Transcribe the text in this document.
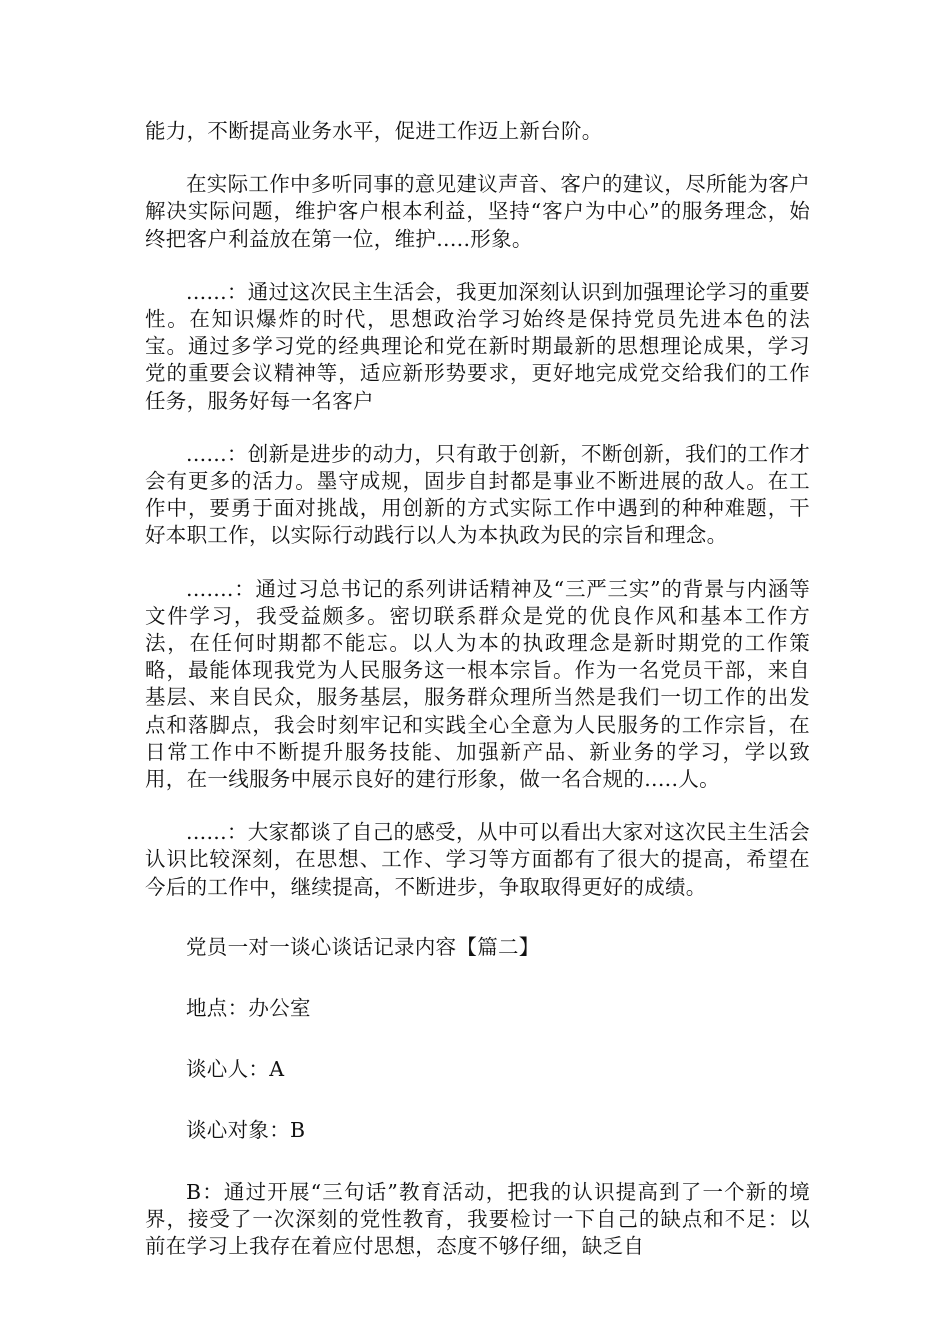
能力，不断提高业务水平，促进工作迈上新台阶。

在实际工作中多听同事的意见建议声音、客户的建议，尽所能为客户解决实际问题，维护客户根本利益，坚持“客户为中心”的服务理念，始终把客户利益放在第一位，维护.....形象。

......：通过这次民主生活会，我更加深刻认识到加强理论学习的重要性。在知识爆炸的时代，思想政治学习始终是保持党员先进本色的法宝。通过多学习党的经典理论和党在新时期最新的思想理论成果，学习党的重要会议精神等，适应新形势要求，更好地完成党交给我们的工作任务，服务好每一名客户

......：创新是进步的动力，只有敢于创新，不断创新，我们的工作才会有更多的活力。墨守成规，固步自封都是事业不断进展的敌人。在工作中，要勇于面对挑战，用创新的方式实际工作中遇到的种种难题，干好本职工作，以实际行动践行以人为本执政为民的宗旨和理念。

.......：通过习总书记的系列讲话精神及“三严三实”的背景与内涵等文件学习，我受益颇多。密切联系群众是党的优良作风和基本工作方法，在任何时期都不能忘。以人为本的执政理念是新时期党的工作策略，最能体现我党为人民服务这一根本宗旨。作为一名党员干部，来自基层、来自民众，服务基层，服务群众理所当然是我们一切工作的出发点和落脚点，我会时刻牢记和实践全心全意为人民服务的工作宗旨，在日常工作中不断提升服务技能、加强新产品、新业务的学习，学以致用，在一线服务中展示良好的建行形象，做一名合规的.....人。

......：大家都谈了自己的感受，从中可以看出大家对这次民主生活会认识比较深刻，在思想、工作、学习等方面都有了很大的提高，希望在今后的工作中，继续提高，不断进步，争取取得更好的成绩。

党员一对一谈心谈话记录内容【篇二】

地点：办公室

谈心人：A

谈心对象：B

B：通过开展“三句话”教育活动，把我的认识提高到了一个新的境界，接受了一次深刻的党性教育，我要检讨一下自己的缺点和不足：以前在学习上我存在着应付思想，态度不够仔细，缺乏自
